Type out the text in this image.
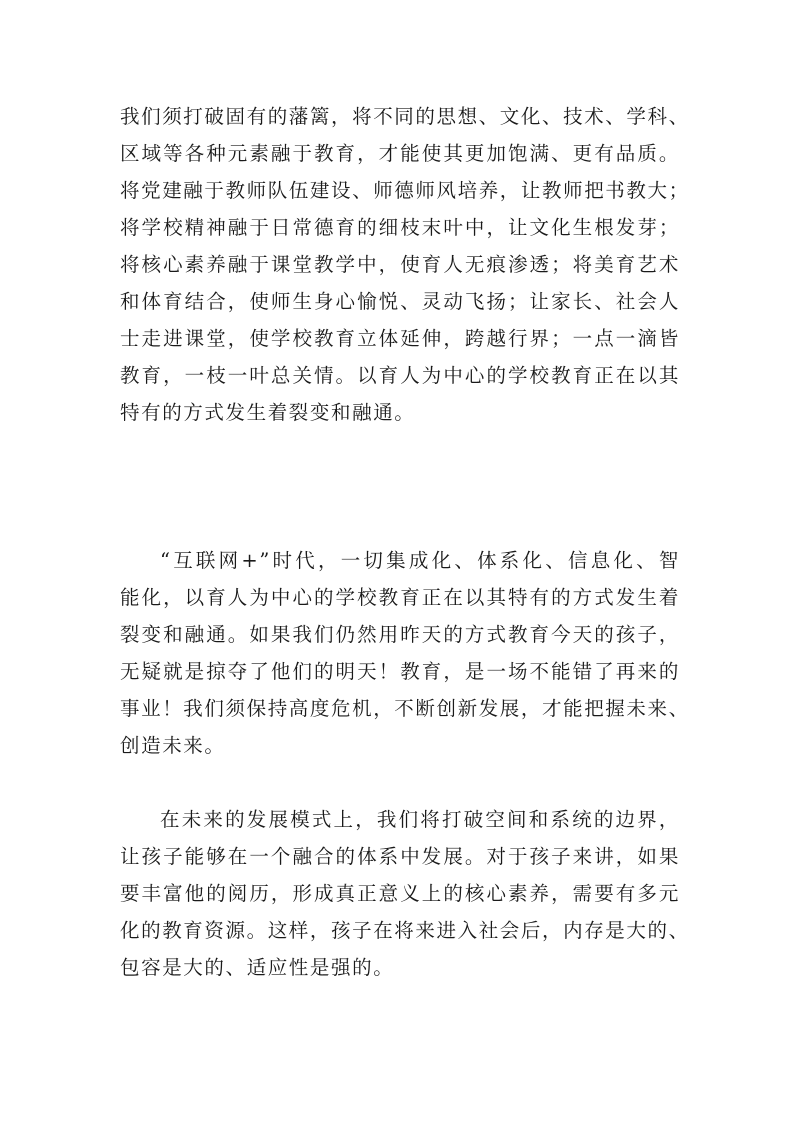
我们须打破固有的藩篱，将不同的思想、文化、技术、学科、
区域等各种元素融于教育，才能使其更加饱满、更有品质。
将党建融于教师队伍建设、师德师风培养，让教师把书教大；
将学校精神融于日常德育的细枝末叶中，让文化生根发芽；
将核心素养融于课堂教学中，使育人无痕渗透；将美育艺术
和体育结合，使师生身心愉悦、灵动飞扬；让家长、社会人
士走进课堂，使学校教育立体延伸，跨越行界；一点一滴皆
教育，一枝一叶总关情。以育人为中心的学校教育正在以其
特有的方式发生着裂变和融通。
“互联网+”时代，一切集成化、体系化、信息化、智
能化，以育人为中心的学校教育正在以其特有的方式发生着
裂变和融通。如果我们仍然用昨天的方式教育今天的孩子，
无疑就是掠夺了他们的明天！教育，是一场不能错了再来的
事业！我们须保持高度危机，不断创新发展，才能把握未来、
创造未来。
在未来的发展模式上，我们将打破空间和系统的边界，
让孩子能够在一个融合的体系中发展。对于孩子来讲，如果
要丰富他的阅历，形成真正意义上的核心素养，需要有多元
化的教育资源。这样，孩子在将来进入社会后，内存是大的、
包容是大的、适应性是强的。
